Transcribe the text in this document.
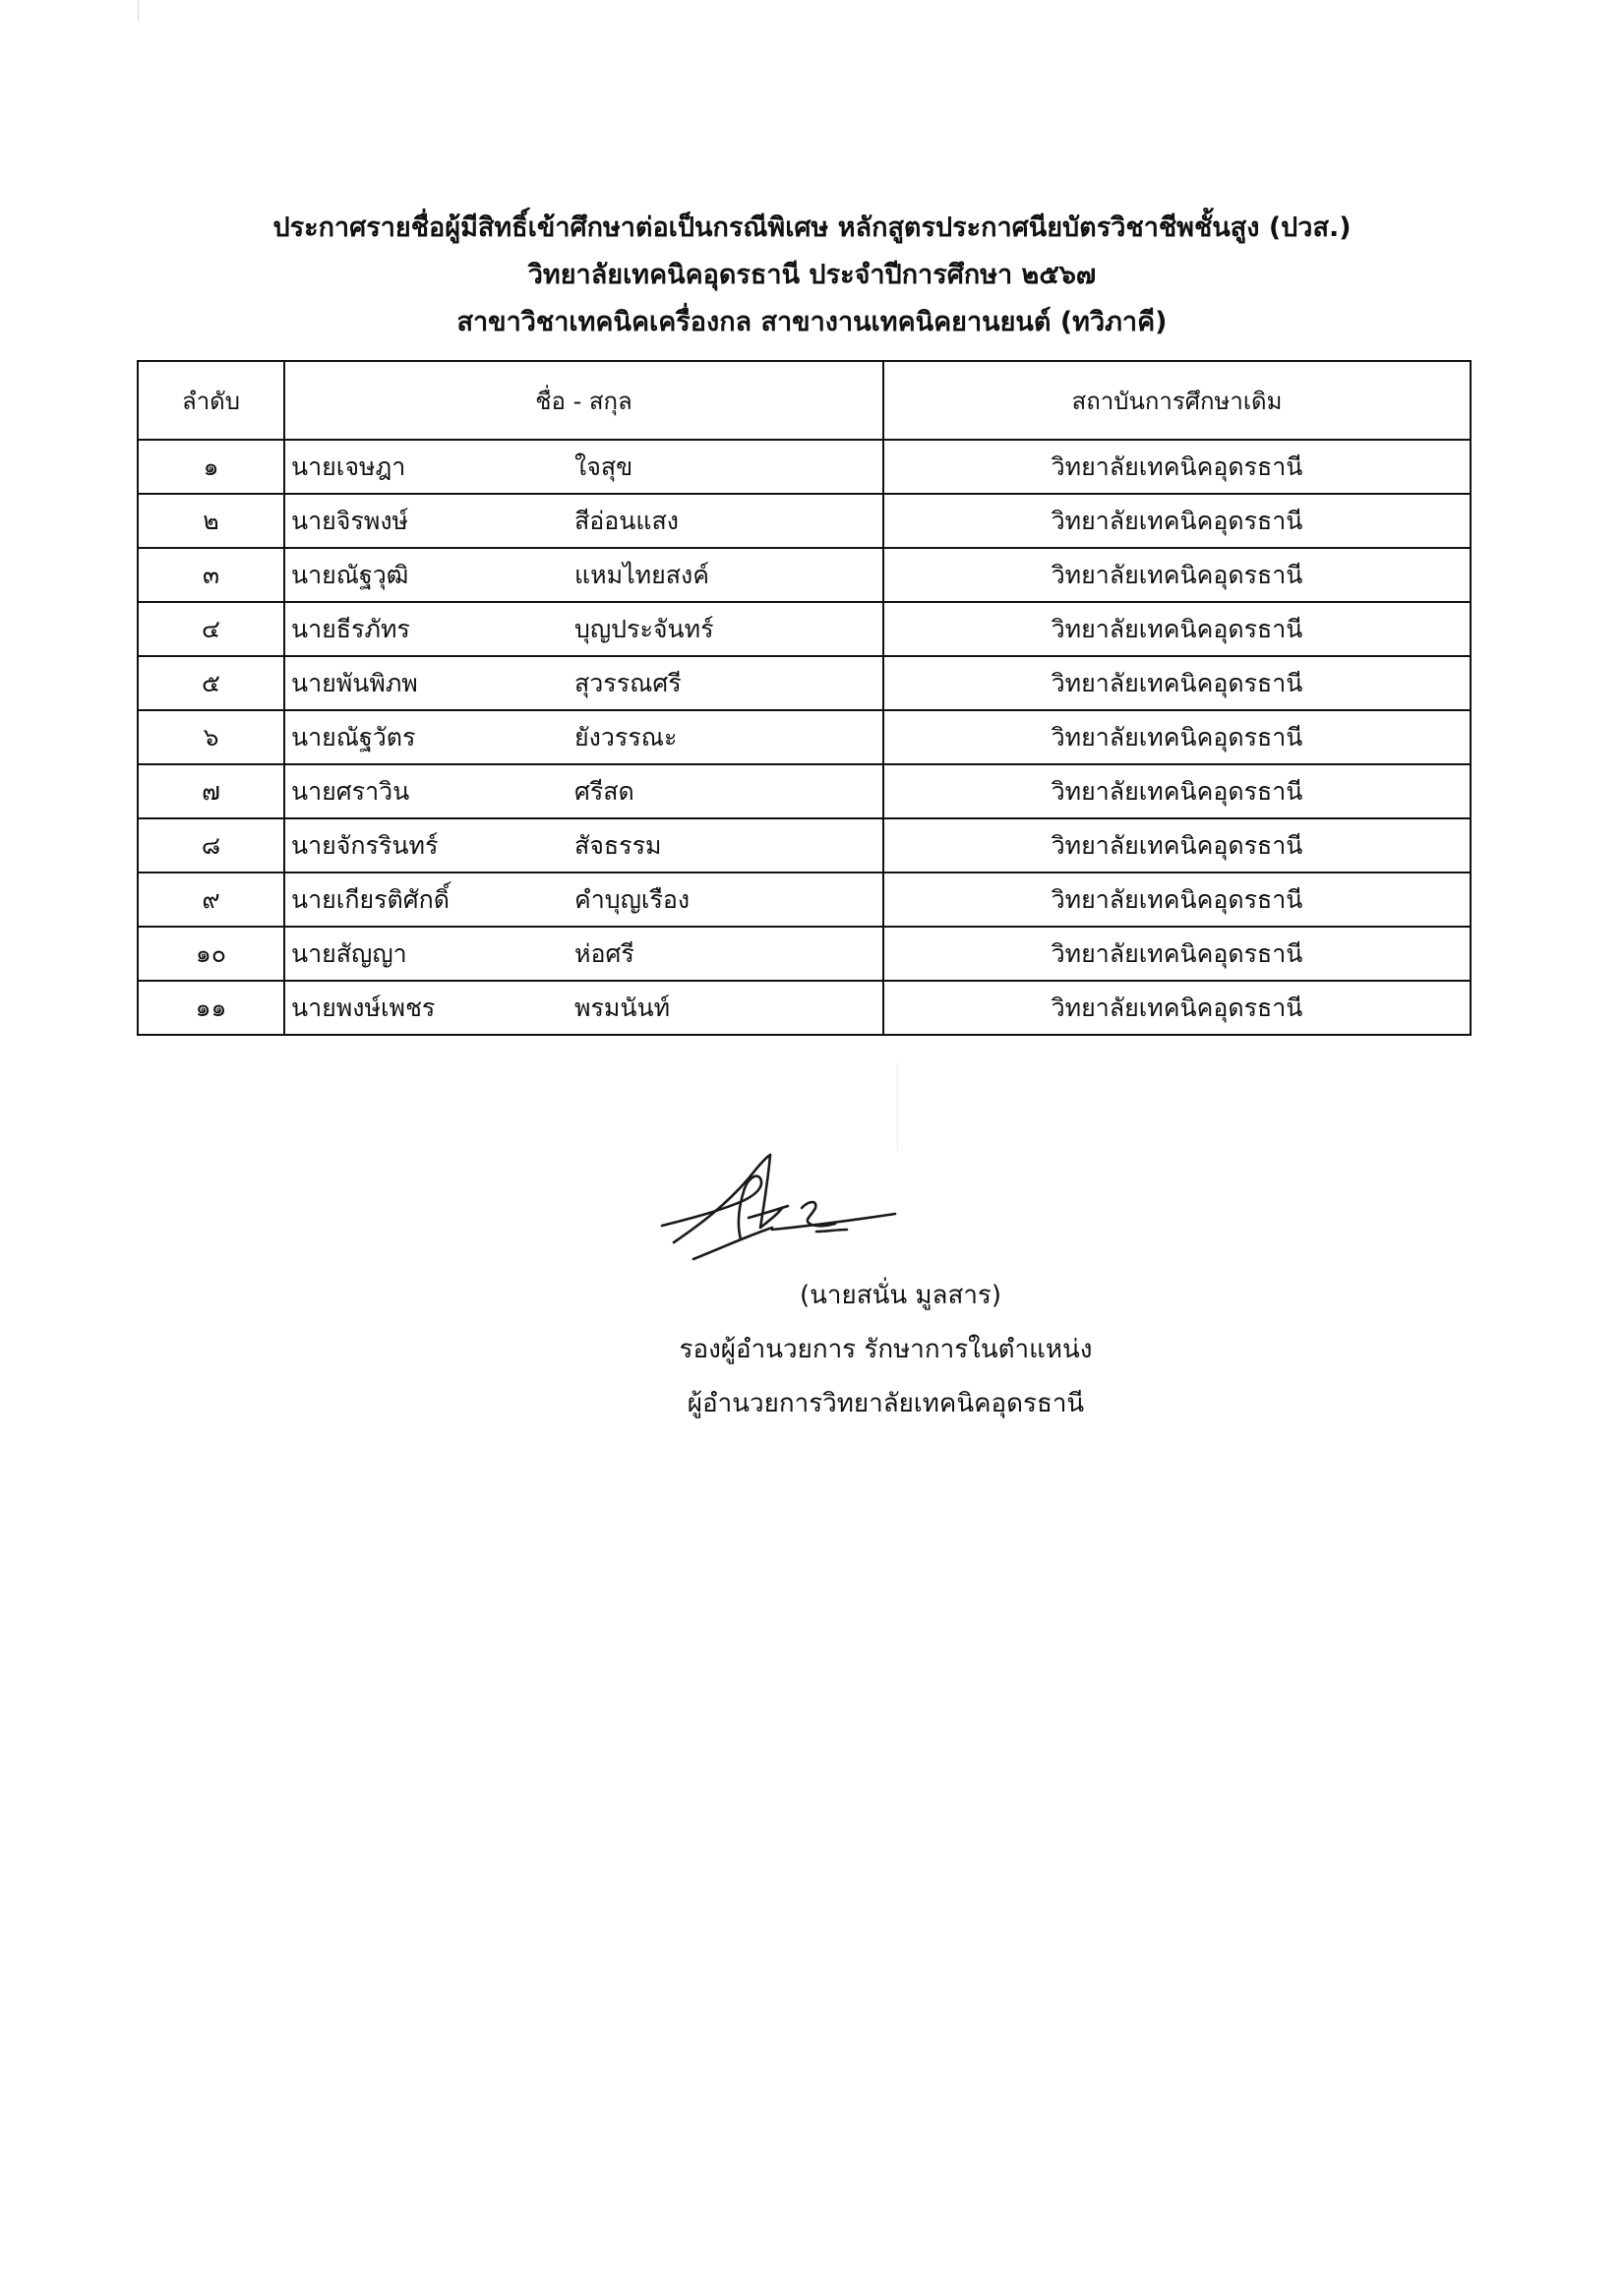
ประกาศรายชื่อผู้มีสิทธิ์เข้าศึกษาต่อเป็นกรณีพิเศษ หลักสูตรประกาศนียบัตรวิชาชีพชั้นสูง (ปวส.)
วิทยาลัยเทคนิคอุดรธานี ประจำปีการศึกษา ๒๕๖๗
สาขาวิชาเทคนิคเครื่องกล สาขางานเทคนิคยานยนต์ (ทวิภาคี)
ลำดับ	ชื่อ - สกุล	สถาบันการศึกษาเดิม
๑	นายเจษฎา ใจสุข	วิทยาลัยเทคนิคอุดรธานี
๒	นายจิรพงษ์ สีอ่อนแสง	วิทยาลัยเทคนิคอุดรธานี
๓	นายณัฐวุฒิ แหมไทยสงค์	วิทยาลัยเทคนิคอุดรธานี
๔	นายธีรภัทร บุญประจันทร์	วิทยาลัยเทคนิคอุดรธานี
๕	นายพันพิภพ สุวรรณศรี	วิทยาลัยเทคนิคอุดรธานี
๖	นายณัฐวัตร ยังวรรณะ	วิทยาลัยเทคนิคอุดรธานี
๗	นายศราวิน ศรีสด	วิทยาลัยเทคนิคอุดรธานี
๘	นายจักรรินทร์ สัจธรรม	วิทยาลัยเทคนิคอุดรธานี
๙	นายเกียรติศักดิ์ คำบุญเรือง	วิทยาลัยเทคนิคอุดรธานี
๑๐	นายสัญญา ห่อศรี	วิทยาลัยเทคนิคอุดรธานี
๑๑	นายพงษ์เพชร พรมนันท์	วิทยาลัยเทคนิคอุดรธานี
(นายสนั่น มูลสาร)
รองผู้อำนวยการ รักษาการในตำแหน่ง
ผู้อำนวยการวิทยาลัยเทคนิคอุดรธานี
